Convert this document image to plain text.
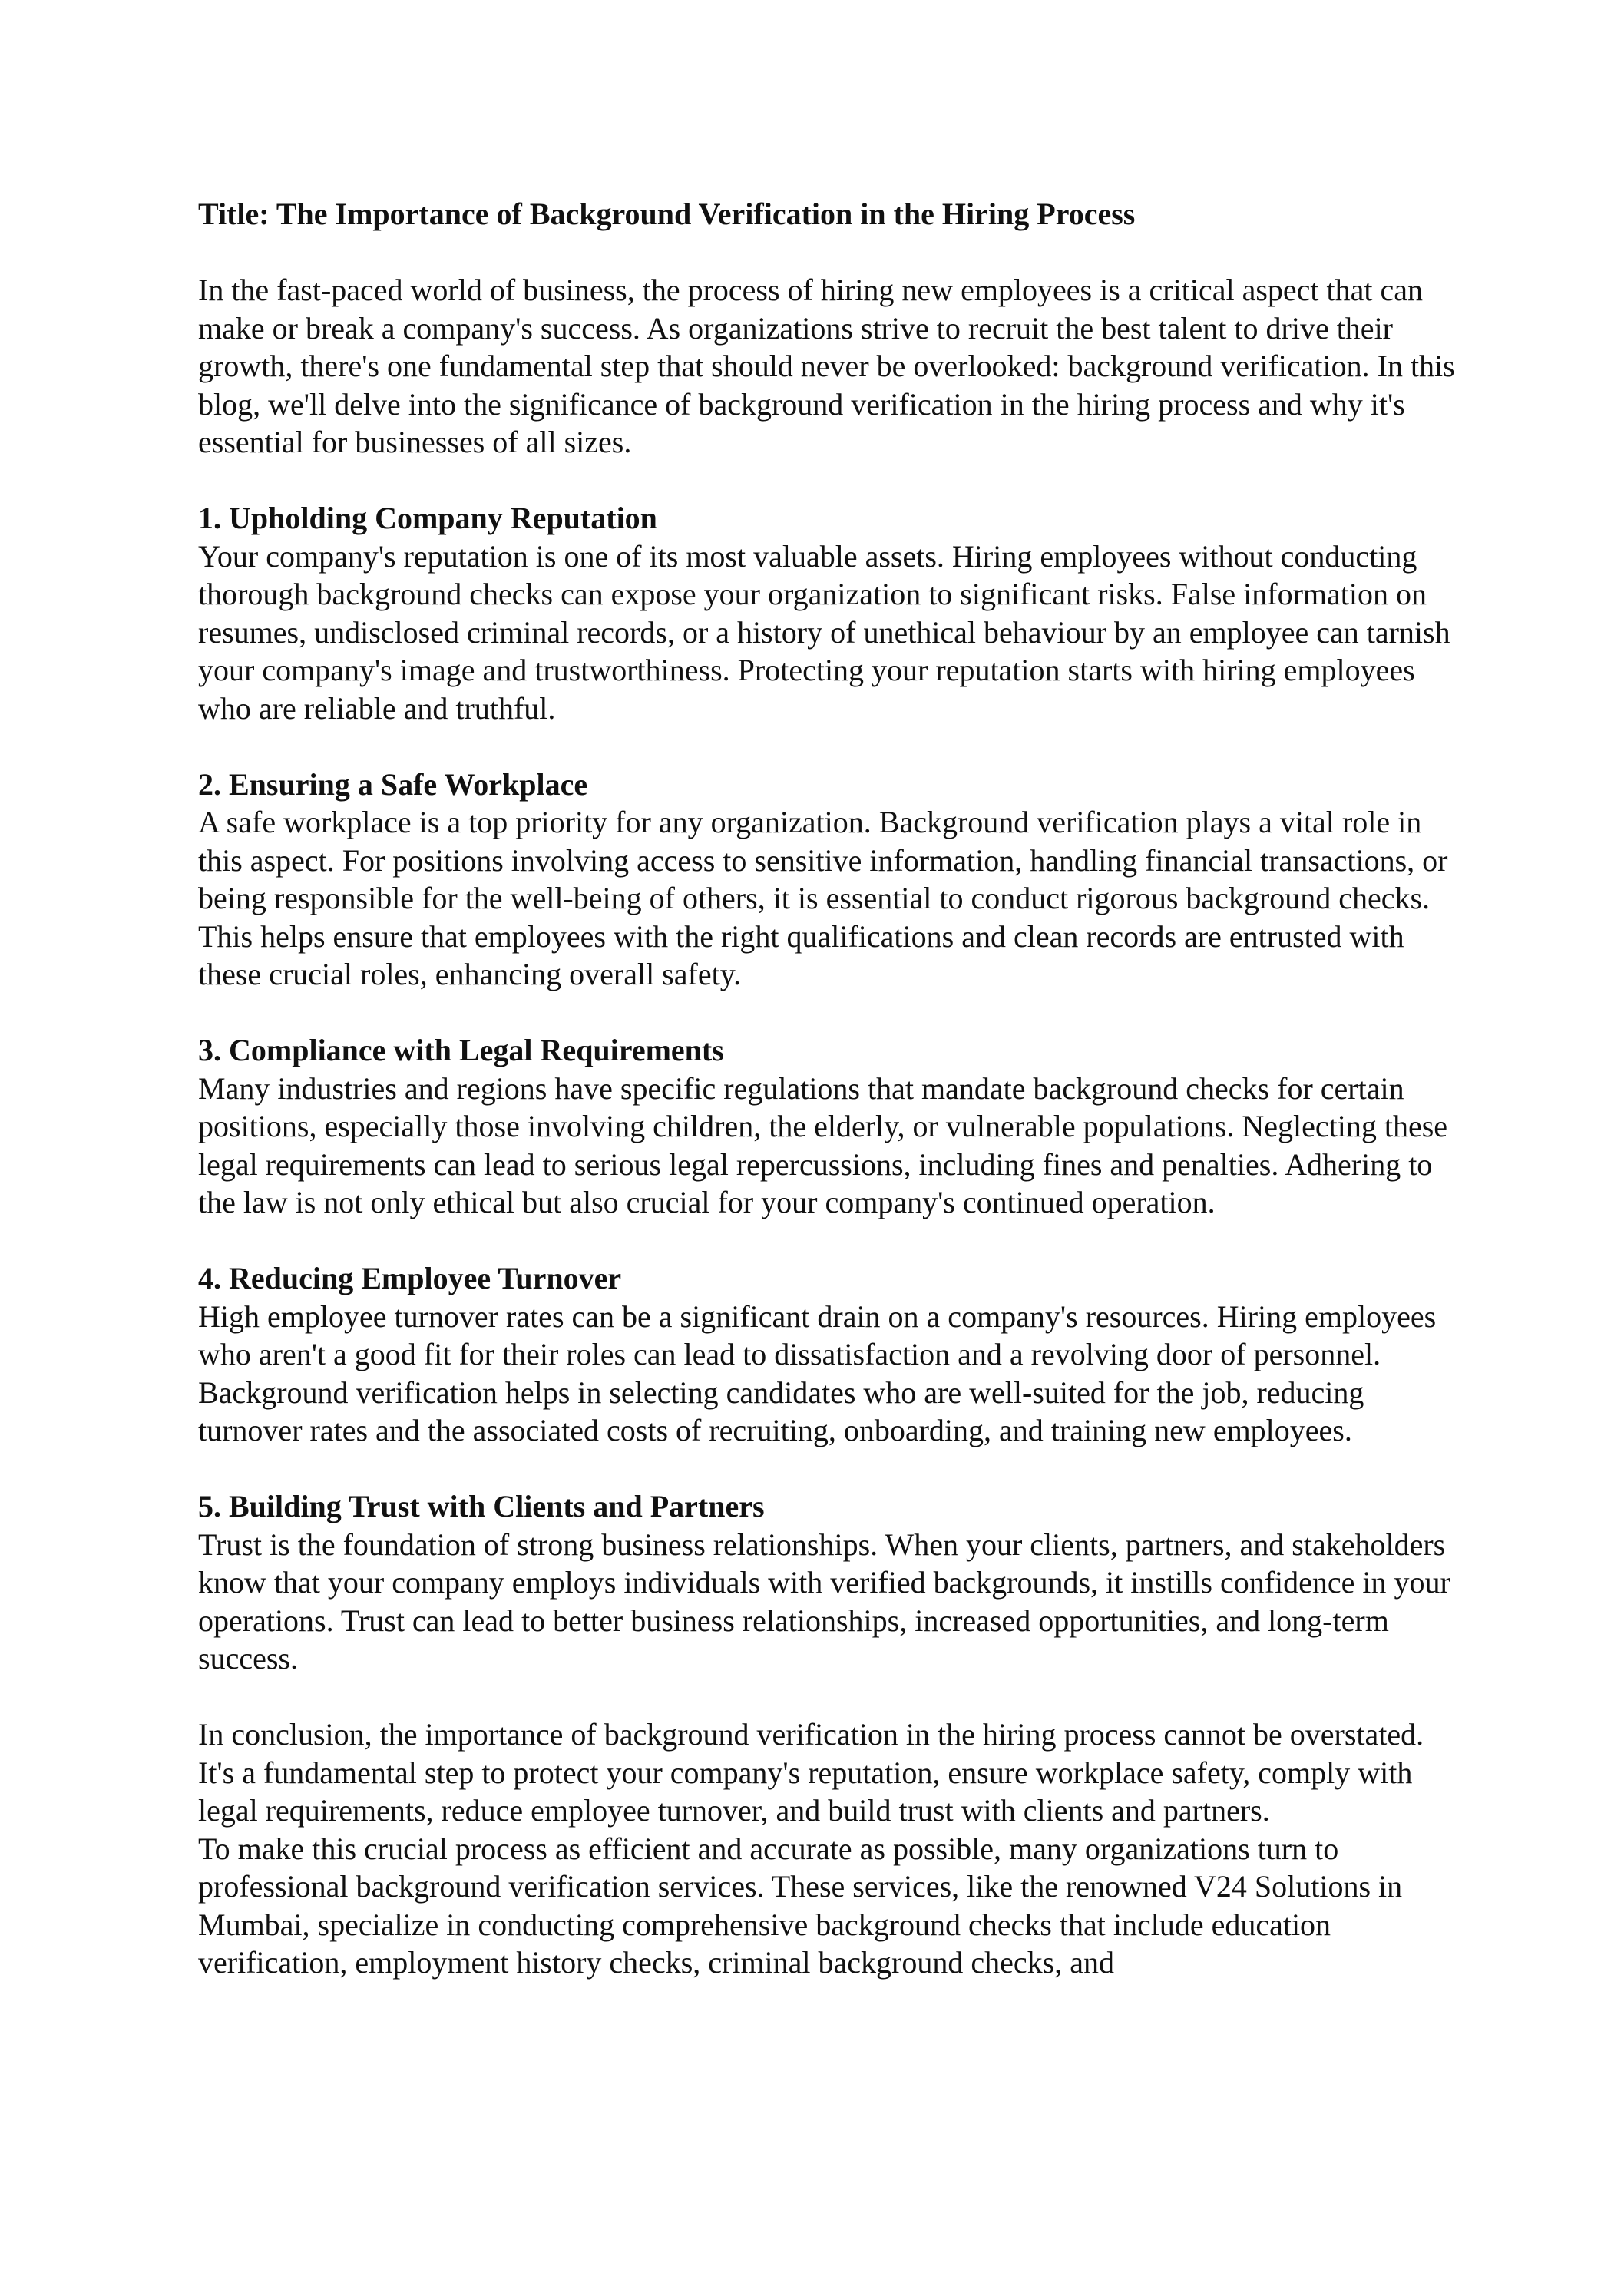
Title: The Importance of Background Verification in the Hiring Process

In the fast-paced world of business, the process of hiring new employees is a critical aspect that can make or break a company's success. As organizations strive to recruit the best talent to drive their growth, there's one fundamental step that should never be overlooked: background verification. In this blog, we'll delve into the significance of background verification in the hiring process and why it's essential for businesses of all sizes.

1. Upholding Company Reputation
Your company's reputation is one of its most valuable assets. Hiring employees without conducting thorough background checks can expose your organization to significant risks. False information on resumes, undisclosed criminal records, or a history of unethical behaviour by an employee can tarnish your company's image and trustworthiness. Protecting your reputation starts with hiring employees who are reliable and truthful.
2. Ensuring a Safe Workplace
A safe workplace is a top priority for any organization. Background verification plays a vital role in this aspect. For positions involving access to sensitive information, handling financial transactions, or being responsible for the well-being of others, it is essential to conduct rigorous background checks. This helps ensure that employees with the right qualifications and clean records are entrusted with these crucial roles, enhancing overall safety.
3. Compliance with Legal Requirements
Many industries and regions have specific regulations that mandate background checks for certain positions, especially those involving children, the elderly, or vulnerable populations. Neglecting these legal requirements can lead to serious legal repercussions, including fines and penalties. Adhering to the law is not only ethical but also crucial for your company's continued operation.
4. Reducing Employee Turnover
High employee turnover rates can be a significant drain on a company's resources. Hiring employees who aren't a good fit for their roles can lead to dissatisfaction and a revolving door of personnel. Background verification helps in selecting candidates who are well-suited for the job, reducing turnover rates and the associated costs of recruiting, onboarding, and training new employees.
5. Building Trust with Clients and Partners
Trust is the foundation of strong business relationships. When your clients, partners, and stakeholders know that your company employs individuals with verified backgrounds, it instills confidence in your operations. Trust can lead to better business relationships, increased opportunities, and long-term success.

In conclusion, the importance of background verification in the hiring process cannot be overstated. It's a fundamental step to protect your company's reputation, ensure workplace safety, comply with legal requirements, reduce employee turnover, and build trust with clients and partners.

To make this crucial process as efficient and accurate as possible, many organizations turn to professional background verification services. These services, like the renowned V24 Solutions in Mumbai, specialize in conducting comprehensive background checks that include education verification, employment history checks, criminal background checks, and
